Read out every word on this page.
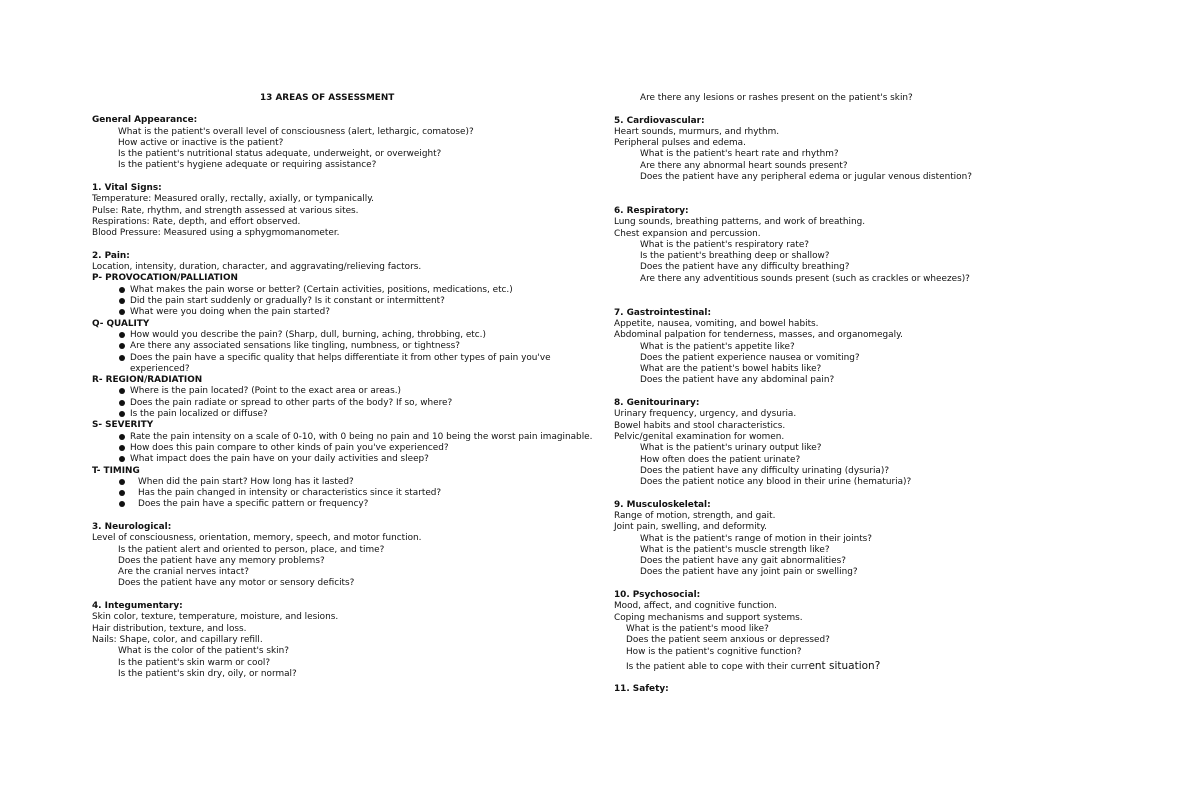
13 AREAS OF ASSESSMENT
General Appearance:
What is the patient's overall level of consciousness (alert, lethargic, comatose)?
How active or inactive is the patient?
Is the patient's nutritional status adequate, underweight, or overweight?
Is the patient's hygiene adequate or requiring assistance?
1. Vital Signs:
Temperature: Measured orally, rectally, axially, or tympanically.
Pulse: Rate, rhythm, and strength assessed at various sites.
Respirations: Rate, depth, and effort observed.
Blood Pressure: Measured using a sphygmomanometer.
2. Pain:
Location, intensity, duration, character, and aggravating/relieving factors.
P- PROVOCATION/PALLIATION
What makes the pain worse or better? (Certain activities, positions, medications, etc.)
Did the pain start suddenly or gradually? Is it constant or intermittent?
What were you doing when the pain started?
Q- QUALITY
How would you describe the pain? (Sharp, dull, burning, aching, throbbing, etc.)
Are there any associated sensations like tingling, numbness, or tightness?
Does the pain have a specific quality that helps differentiate it from other types of pain you've experienced?
R- REGION/RADIATION
Where is the pain located? (Point to the exact area or areas.)
Does the pain radiate or spread to other parts of the body? If so, where?
Is the pain localized or diffuse?
S- SEVERITY
Rate the pain intensity on a scale of 0-10, with 0 being no pain and 10 being the worst pain imaginable.
How does this pain compare to other kinds of pain you've experienced?
What impact does the pain have on your daily activities and sleep?
T- TIMING
When did the pain start? How long has it lasted?
Has the pain changed in intensity or characteristics since it started?
Does the pain have a specific pattern or frequency?
3. Neurological:
Level of consciousness, orientation, memory, speech, and motor function.
Is the patient alert and oriented to person, place, and time?
Does the patient have any memory problems?
Are the cranial nerves intact?
Does the patient have any motor or sensory deficits?
4. Integumentary:
Skin color, texture, temperature, moisture, and lesions.
Hair distribution, texture, and loss.
Nails: Shape, color, and capillary refill.
What is the color of the patient's skin?
Is the patient's skin warm or cool?
Is the patient's skin dry, oily, or normal?
Are there any lesions or rashes present on the patient's skin?
5. Cardiovascular:
Heart sounds, murmurs, and rhythm.
Peripheral pulses and edema.
What is the patient's heart rate and rhythm?
Are there any abnormal heart sounds present?
Does the patient have any peripheral edema or jugular venous distention?
6. Respiratory:
Lung sounds, breathing patterns, and work of breathing.
Chest expansion and percussion.
What is the patient's respiratory rate?
Is the patient's breathing deep or shallow?
Does the patient have any difficulty breathing?
Are there any adventitious sounds present (such as crackles or wheezes)?
7. Gastrointestinal:
Appetite, nausea, vomiting, and bowel habits.
Abdominal palpation for tenderness, masses, and organomegaly.
What is the patient's appetite like?
Does the patient experience nausea or vomiting?
What are the patient's bowel habits like?
Does the patient have any abdominal pain?
8. Genitourinary:
Urinary frequency, urgency, and dysuria.
Bowel habits and stool characteristics.
Pelvic/genital examination for women.
What is the patient's urinary output like?
How often does the patient urinate?
Does the patient have any difficulty urinating (dysuria)?
Does the patient notice any blood in their urine (hematuria)?
9. Musculoskeletal:
Range of motion, strength, and gait.
Joint pain, swelling, and deformity.
What is the patient's range of motion in their joints?
What is the patient's muscle strength like?
Does the patient have any gait abnormalities?
Does the patient have any joint pain or swelling?
10. Psychosocial:
Mood, affect, and cognitive function.
Coping mechanisms and support systems.
What is the patient's mood like?
Does the patient seem anxious or depressed?
How is the patient's cognitive function?
Is the patient able to cope with their current situation?
11. Safety:
